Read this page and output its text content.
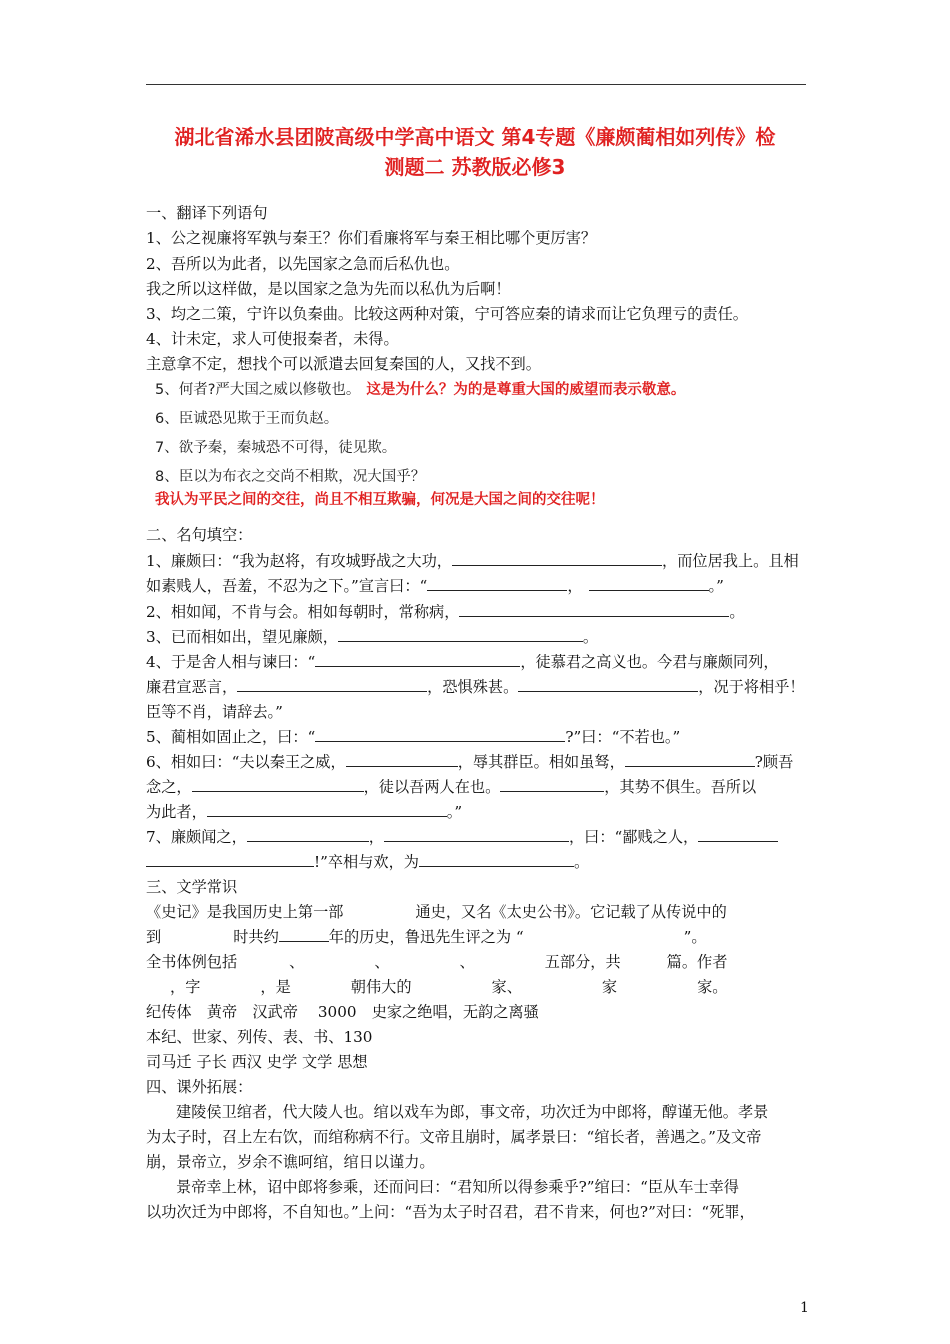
湖北省浠水县团陂高级中学高中语文 第4专题《廉颇蔺相如列传》检
测题二 苏教版必修3
一、翻译下列语句
1、公之视廉将军孰与秦王？你们看廉将军与秦王相比哪个更厉害？
2、吾所以为此者，以先国家之急而后私仇也。
我之所以这样做，是以国家之急为先而以私仇为后啊！
3、均之二策，宁许以负秦曲。比较这两种对策，宁可答应秦的请求而让它负理亏的责任。
4、计未定，求人可使报秦者，未得。
主意拿不定，想找个可以派遣去回复秦国的人，又找不到。
5、何者?严大国之威以修敬也。 这是为什么？为的是尊重大国的威望而表示敬意。
6、臣诚恐见欺于王而负赵。
7、欲予秦，秦城恐不可得，徒见欺。
8、臣以为布衣之交尚不相欺，况大国乎？
我认为平民之间的交往，尚且不相互欺骗，何况是大国之间的交往呢！
二、名句填空：
1、廉颇曰：“我为赵将，有攻城野战之大功，	，而位居我上。且相
如素贱人，吾羞，不忍为之下。”宣言曰：“	，	。”
2、相如闻，不肯与会。相如每朝时，常称病，	。
3、已而相如出，望见廉颇，	。
4、于是舍人相与谏曰：“	，徒慕君之高义也。今君与廉颇同列，
廉君宣恶言，	，恐惧殊甚。	，况于将相乎！
臣等不肖，请辞去。”
5、蔺相如固止之，曰：“	?”曰：“不若也。”
6、相如曰：“夫以秦王之威，	，辱其群臣。相如虽驽，	?顾吾
念之，	，徒以吾两人在也。	，其势不俱生。吾所以
为此者，	。”
7、廉颇闻之，	，	，曰：“鄙贱之人，
!”卒相与欢，为	。
三、文学常识
《史记》是我国历史上第一部	通史，又名《太史公书》。它记载了从传说中的
到	时共约	年的历史，鲁迅先生评之为 “	”。
全书体例包括	、	、	、	五部分，共	篇。作者
，字	，是	朝伟大的	家、	家	家。
纪传体　黄帝　汉武帝　 3000　史家之绝唱，无韵之离骚
本纪、世家、列传、表、书、130
司马迁 子长 西汉 史学 文学 思想
四、课外拓展：
建陵侯卫绾者，代大陵人也。绾以戏车为郎，事文帝，功次迁为中郎将，醇谨无他。孝景
为太子时，召上左右饮，而绾称病不行。文帝且崩时，属孝景曰：“绾长者，善遇之。”及文帝
崩，景帝立，岁余不谯呵绾，绾日以谨力。
景帝幸上林，诏中郎将参乘，还而问曰：“君知所以得参乘乎?”绾曰：“臣从车士幸得
以功次迁为中郎将，不自知也。”上问：“吾为太子时召君，君不肯来，何也?”对曰：“死罪，
1
